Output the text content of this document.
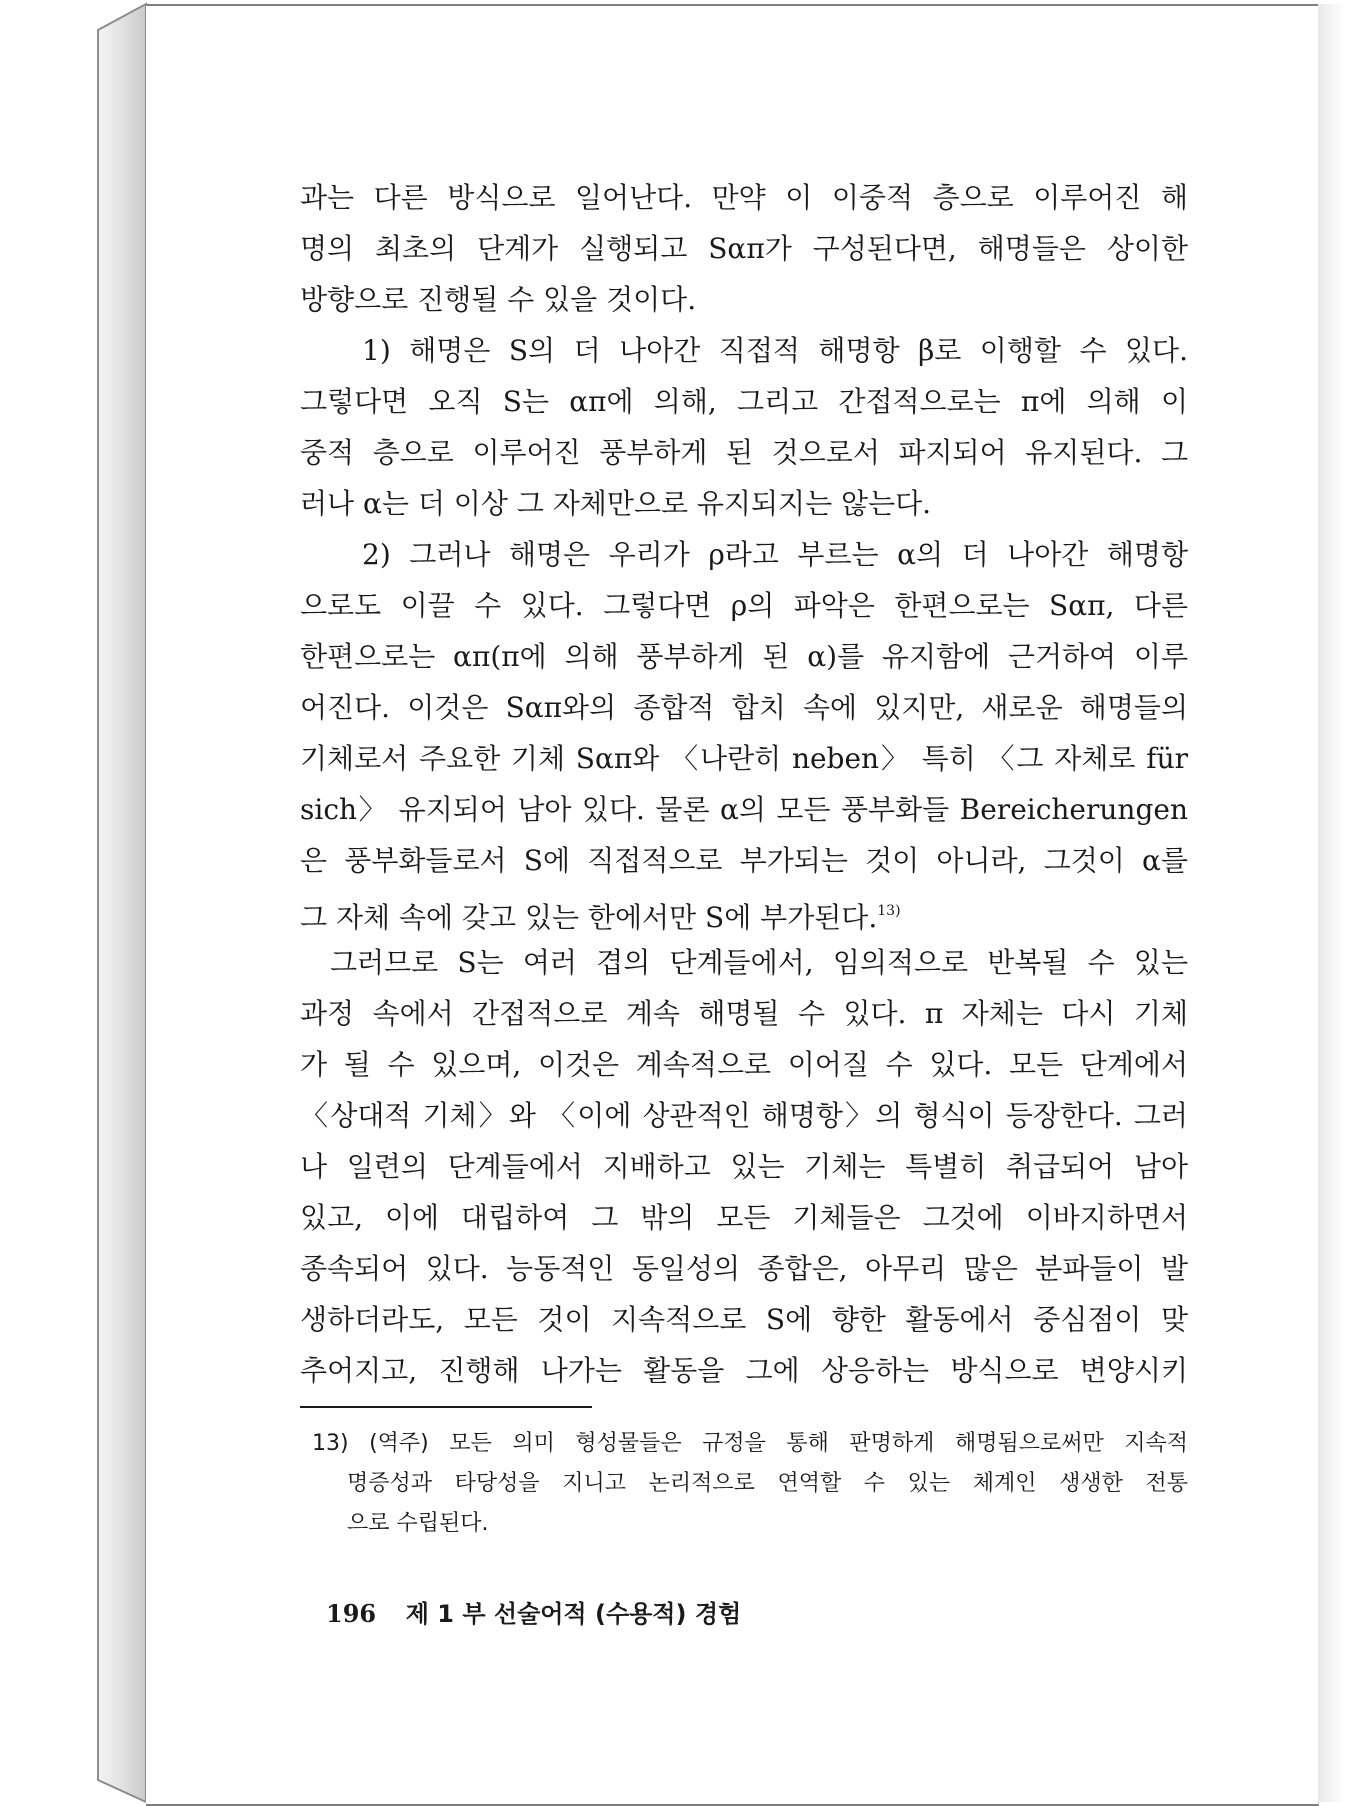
과는 다른 방식으로 일어난다. 만약 이 이중적 층으로 이루어진 해
명의 최초의 단계가 실행되고 Sαπ가 구성된다면, 해명들은 상이한
방향으로 진행될 수 있을 것이다.
1) 해명은 S의 더 나아간 직접적 해명항 β로 이행할 수 있다.
그렇다면 오직 S는 απ에 의해, 그리고 간접적으로는 π에 의해 이
중적 층으로 이루어진 풍부하게 된 것으로서 파지되어 유지된다. 그
러나 α는 더 이상 그 자체만으로 유지되지는 않는다.
2) 그러나 해명은 우리가 ρ라고 부르는 α의 더 나아간 해명항
으로도 이끌 수 있다. 그렇다면 ρ의 파악은 한편으로는 Sαπ, 다른
한편으로는 απ(π에 의해 풍부하게 된 α)를 유지함에 근거하여 이루
어진다. 이것은 Sαπ와의 종합적 합치 속에 있지만, 새로운 해명들의
기체로서 주요한 기체 Sαπ와 〈나란히 neben〉 특히 〈그 자체로 für
sich〉 유지되어 남아 있다. 물론 α의 모든 풍부화들 Bereicherungen
은 풍부화들로서 S에 직접적으로 부가되는 것이 아니라, 그것이 α를
그 자체 속에 갖고 있는 한에서만 S에 부가된다.$^{13)}$
그러므로 S는 여러 겹의 단계들에서, 임의적으로 반복될 수 있는
과정 속에서 간접적으로 계속 해명될 수 있다. π 자체는 다시 기체
가 될 수 있으며, 이것은 계속적으로 이어질 수 있다. 모든 단계에서
〈상대적 기체〉와 〈이에 상관적인 해명항〉의 형식이 등장한다. 그러
나 일련의 단계들에서 지배하고 있는 기체는 특별히 취급되어 남아
있고, 이에 대립하여 그 밖의 모든 기체들은 그것에 이바지하면서
종속되어 있다. 능동적인 동일성의 종합은, 아무리 많은 분파들이 발
생하더라도, 모든 것이 지속적으로 S에 향한 활동에서 중심점이 맞
추어지고, 진행해 나가는 활동을 그에 상응하는 방식으로 변양시키
13) (역주) 모든 의미 형성물들은 규정을 통해 판명하게 해명됨으로써만 지속적
명증성과 타당성을 지니고 논리적으로 연역할 수 있는 체계인 생생한 전통
으로 수립된다.
196 제 1 부 선술어적 (수용적) 경험
